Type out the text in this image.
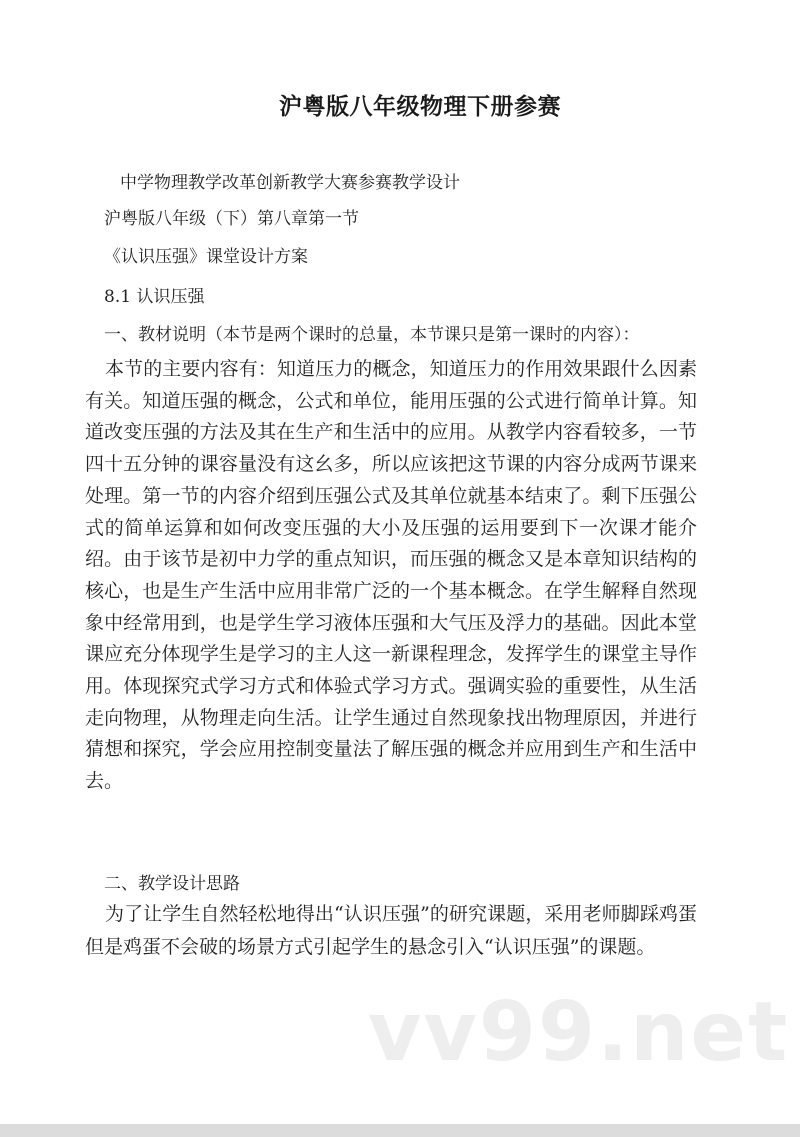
沪粤版八年级物理下册参赛
中学物理教学改革创新教学大赛参赛教学设计
沪粤版八年级（下）第八章第一节
《认识压强》课堂设计方案
8.1 认识压强
一、教材说明（本节是两个课时的总量，本节课只是第一课时的内容）：
本节的主要内容有：知道压力的概念，知道压力的作用效果跟什么因素有关。知道压强的概念，公式和单位，能用压强的公式进行简单计算。知道改变压强的方法及其在生产和生活中的应用。从教学内容看较多，一节四十五分钟的课容量没有这幺多，所以应该把这节课的内容分成两节课来处理。第一节的内容介绍到压强公式及其单位就基本结束了。剩下压强公式的简单运算和如何改变压强的大小及压强的运用要到下一次课才能介绍。由于该节是初中力学的重点知识，而压强的概念又是本章知识结构的核心，也是生产生活中应用非常广泛的一个基本概念。在学生解释自然现象中经常用到，也是学生学习液体压强和大气压及浮力的基础。因此本堂课应充分体现学生是学习的主人这一新课程理念，发挥学生的课堂主导作用。体现探究式学习方式和体验式学习方式。强调实验的重要性，从生活走向物理，从物理走向生活。让学生通过自然现象找出物理原因，并进行猜想和探究，学会应用控制变量法了解压强的概念并应用到生产和生活中去。
二、教学设计思路
为了让学生自然轻松地得出“认识压强”的研究课题，采用老师脚踩鸡蛋但是鸡蛋不会破的场景方式引起学生的悬念引入“认识压强”的课题。
vv99.net
